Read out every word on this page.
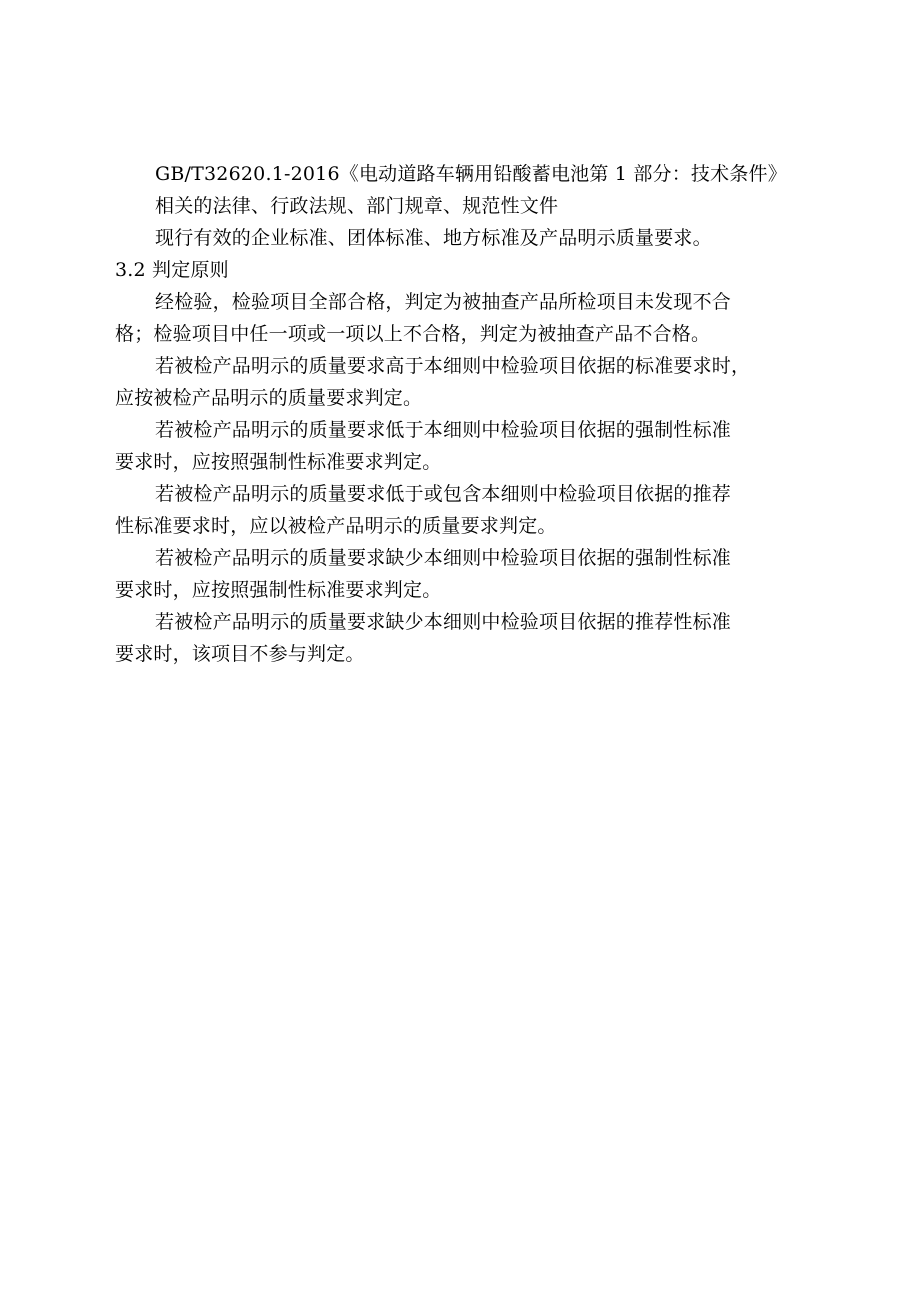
GB/T32620.1-2016《电动道路车辆用铅酸蓄电池第 1 部分：技术条件》

相关的法律、行政法规、部门规章、规范性文件

现行有效的企业标准、团体标准、地方标准及产品明示质量要求。

3.2 判定原则

经检验，检验项目全部合格，判定为被抽查产品所检项目未发现不合
格；检验项目中任一项或一项以上不合格，判定为被抽查产品不合格。
若被检产品明示的质量要求高于本细则中检验项目依据的标准要求时，
应按被检产品明示的质量要求判定。
若被检产品明示的质量要求低于本细则中检验项目依据的强制性标准
要求时，应按照强制性标准要求判定。
若被检产品明示的质量要求低于或包含本细则中检验项目依据的推荐
性标准要求时，应以被检产品明示的质量要求判定。
若被检产品明示的质量要求缺少本细则中检验项目依据的强制性标准
要求时，应按照强制性标准要求判定。
若被检产品明示的质量要求缺少本细则中检验项目依据的推荐性标准
要求时，该项目不参与判定。
